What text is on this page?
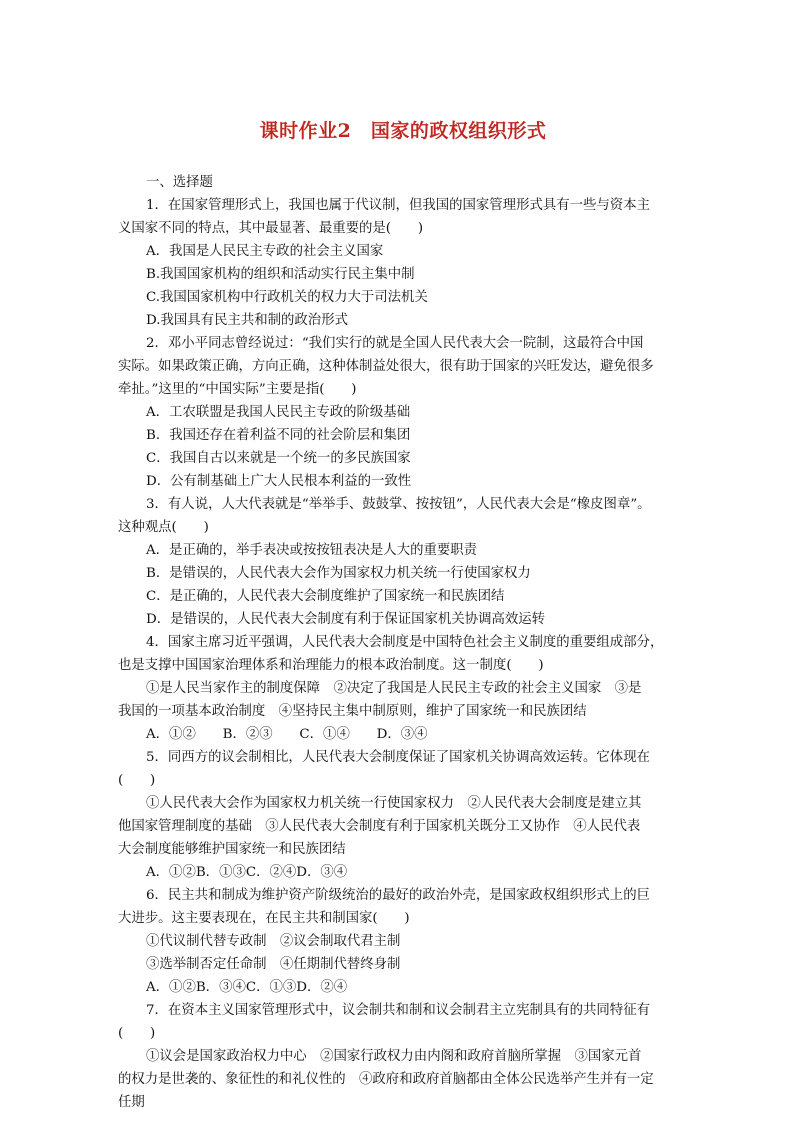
课时作业2　国家的政权组织形式
一、选择题
1．在国家管理形式上，我国也属于代议制，但我国的国家管理形式具有一些与资本主
义国家不同的特点，其中最显著、最重要的是(　　)
A．我国是人民民主专政的社会主义国家
B.我国国家机构的组织和活动实行民主集中制
C.我国国家机构中行政机关的权力大于司法机关
D.我国具有民主共和制的政治形式
2．邓小平同志曾经说过：“我们实行的就是全国人民代表大会一院制，这最符合中国
实际。如果政策正确，方向正确，这种体制益处很大，很有助于国家的兴旺发达，避免很多
牵扯。”这里的“中国实际”主要是指(　　)
A．工农联盟是我国人民民主专政的阶级基础
B．我国还存在着利益不同的社会阶层和集团
C．我国自古以来就是一个统一的多民族国家
D．公有制基础上广大人民根本利益的一致性
3．有人说，人大代表就是“举举手、鼓鼓掌、按按钮”，人民代表大会是“橡皮图章”。
这种观点(　　)
A．是正确的，举手表决或按按钮表决是人大的重要职责
B．是错误的，人民代表大会作为国家权力机关统一行使国家权力
C．是正确的，人民代表大会制度维护了国家统一和民族团结
D．是错误的，人民代表大会制度有利于保证国家机关协调高效运转
4．国家主席习近平强调，人民代表大会制度是中国特色社会主义制度的重要组成部分，
也是支撑中国国家治理体系和治理能力的根本政治制度。这一制度(　　)
①是人民当家作主的制度保障　②决定了我国是人民民主专政的社会主义国家　③是
我国的一项基本政治制度　④坚持民主集中制原则，维护了国家统一和民族团结
A．①②　　B．②③　　C．①④　　D．③④
5．同西方的议会制相比，人民代表大会制度保证了国家机关协调高效运转。它体现在
(　　)
①人民代表大会作为国家权力机关统一行使国家权力　②人民代表大会制度是建立其
他国家管理制度的基础　③人民代表大会制度有利于国家机关既分工又协作　④人民代表
大会制度能够维护国家统一和民族团结
A．①②B．①③C．②④D．③④
6．民主共和制成为维护资产阶级统治的最好的政治外壳，是国家政权组织形式上的巨
大进步。这主要表现在，在民主共和制国家(　　)
①代议制代替专政制　②议会制取代君主制
③选举制否定任命制　④任期制代替终身制
A．①②B．③④C．①③D．②④
7．在资本主义国家管理形式中，议会制共和制和议会制君主立宪制具有的共同特征有
(　　)
①议会是国家政治权力中心　②国家行政权力由内阁和政府首脑所掌握　③国家元首
的权力是世袭的、象征性的和礼仪性的　④政府和政府首脑都由全体公民选举产生并有一定
任期
